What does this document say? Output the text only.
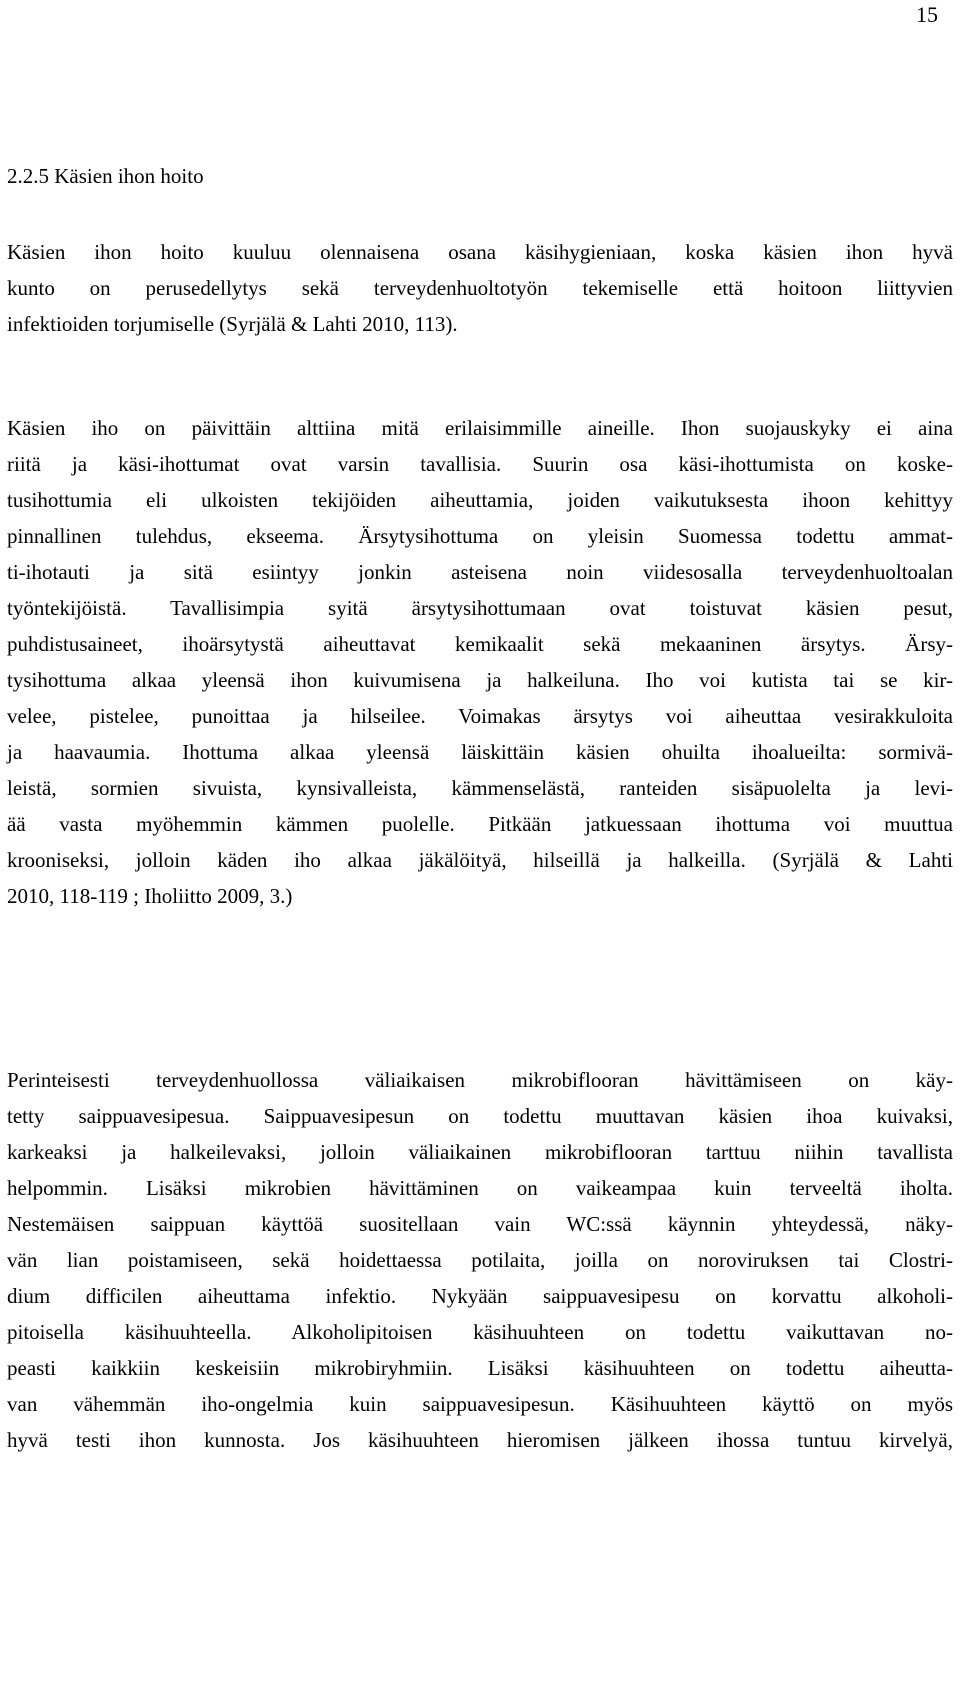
15
2.2.5 Käsien ihon hoito
Käsien ihon hoito kuuluu olennaisena osana käsihygieniaan, koska käsien ihon hyvä
kunto on perusedellytys sekä terveydenhuoltotyön tekemiselle että hoitoon liittyvien
infektioiden torjumiselle (Syrjälä & Lahti 2010, 113).
Käsien iho on päivittäin alttiina mitä erilaisimmille aineille. Ihon suojauskyky ei aina
riitä ja käsi-ihottumat ovat varsin tavallisia. Suurin osa käsi-ihottumista on koske-
tusihottumia eli ulkoisten tekijöiden aiheuttamia, joiden vaikutuksesta ihoon kehittyy
pinnallinen tulehdus, ekseema. Ärsytysihottuma on yleisin Suomessa todettu ammat-
ti-ihotauti ja sitä esiintyy jonkin asteisena noin viidesosalla terveydenhuoltoalan
työntekijöistä. Tavallisimpia syitä ärsytysihottumaan ovat toistuvat käsien pesut,
puhdistusaineet, ihoärsytystä aiheuttavat kemikaalit sekä mekaaninen ärsytys. Ärsy-
tysihottuma alkaa yleensä ihon kuivumisena ja halkeiluna. Iho voi kutista tai se kir-
velee, pistelee, punoittaa ja hilseilee. Voimakas ärsytys voi aiheuttaa vesirakkuloita
ja haavaumia. Ihottuma alkaa yleensä läiskittäin käsien ohuilta ihoalueilta: sormivä-
leistä, sormien sivuista, kynsivalleista, kämmenselästä, ranteiden sisäpuolelta ja levi-
ää vasta myöhemmin kämmen puolelle. Pitkään jatkuessaan ihottuma voi muuttua
krooniseksi, jolloin käden iho alkaa jäkälöityä, hilseillä ja halkeilla. (Syrjälä & Lahti
2010, 118-119 ; Iholiitto 2009, 3.)
Perinteisesti terveydenhuollossa väliaikaisen mikrobiflooran hävittämiseen on käy-
tetty saippuavesipesua. Saippuavesipesun on todettu muuttavan käsien ihoa kuivaksi,
karkeaksi ja halkeilevaksi, jolloin väliaikainen mikrobiflooran tarttuu niihin tavallista
helpommin. Lisäksi mikrobien hävittäminen on vaikeampaa kuin terveeltä iholta.
Nestemäisen saippuan käyttöä suositellaan vain WC:ssä käynnin yhteydessä, näky-
vän lian poistamiseen, sekä hoidettaessa potilaita, joilla on noroviruksen tai Clostri-
dium difficilen aiheuttama infektio. Nykyään saippuavesipesu on korvattu alkoholi-
pitoisella käsihuuhteella. Alkoholipitoisen käsihuuhteen on todettu vaikuttavan no-
peasti kaikkiin keskeisiin mikrobiryhmiin. Lisäksi käsihuuhteen on todettu aiheutta-
van vähemmän iho-ongelmia kuin saippuavesipesun. Käsihuuhteen käyttö on myös
hyvä testi ihon kunnosta. Jos käsihuuhteen hieromisen jälkeen ihossa tuntuu kirvelyä,
